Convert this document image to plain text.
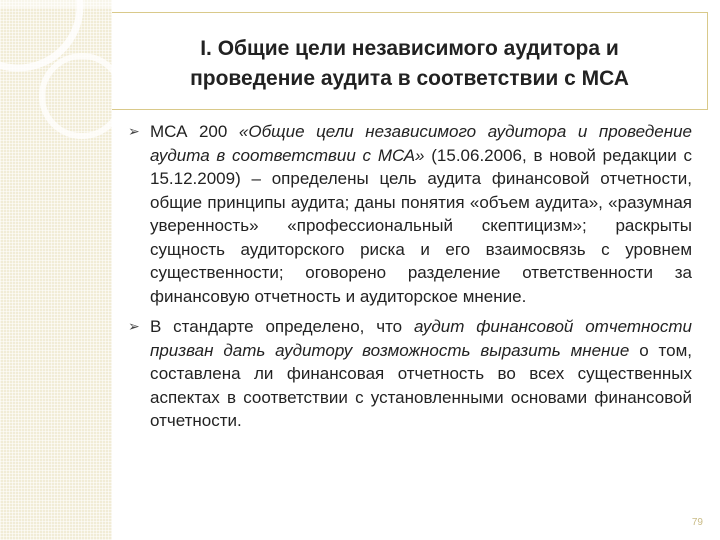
I. Общие цели независимого аудитора и
проведение аудита в соответствии с МСА
➢ МСА 200 «Общие цели независимого аудитора и проведение аудита в соответствии с МСА» (15.06.2006, в новой редакции с 15.12.2009) – определены цель аудита финансовой отчетности, общие принципы аудита; даны понятия «объем аудита», «разумная уверенность» «профессиональный скептицизм»; раскрыты сущность аудиторского риска и его взаимосвязь с уровнем существенности; оговорено разделение ответственности за финансовую отчетность и аудиторское мнение.
➢ В стандарте определено, что аудит финансовой отчетности призван дать аудитору возможность выразить мнение о том, составлена ли финансовая отчетность во всех существенных аспектах в соответствии с установленными основами финансовой отчетности.
79
